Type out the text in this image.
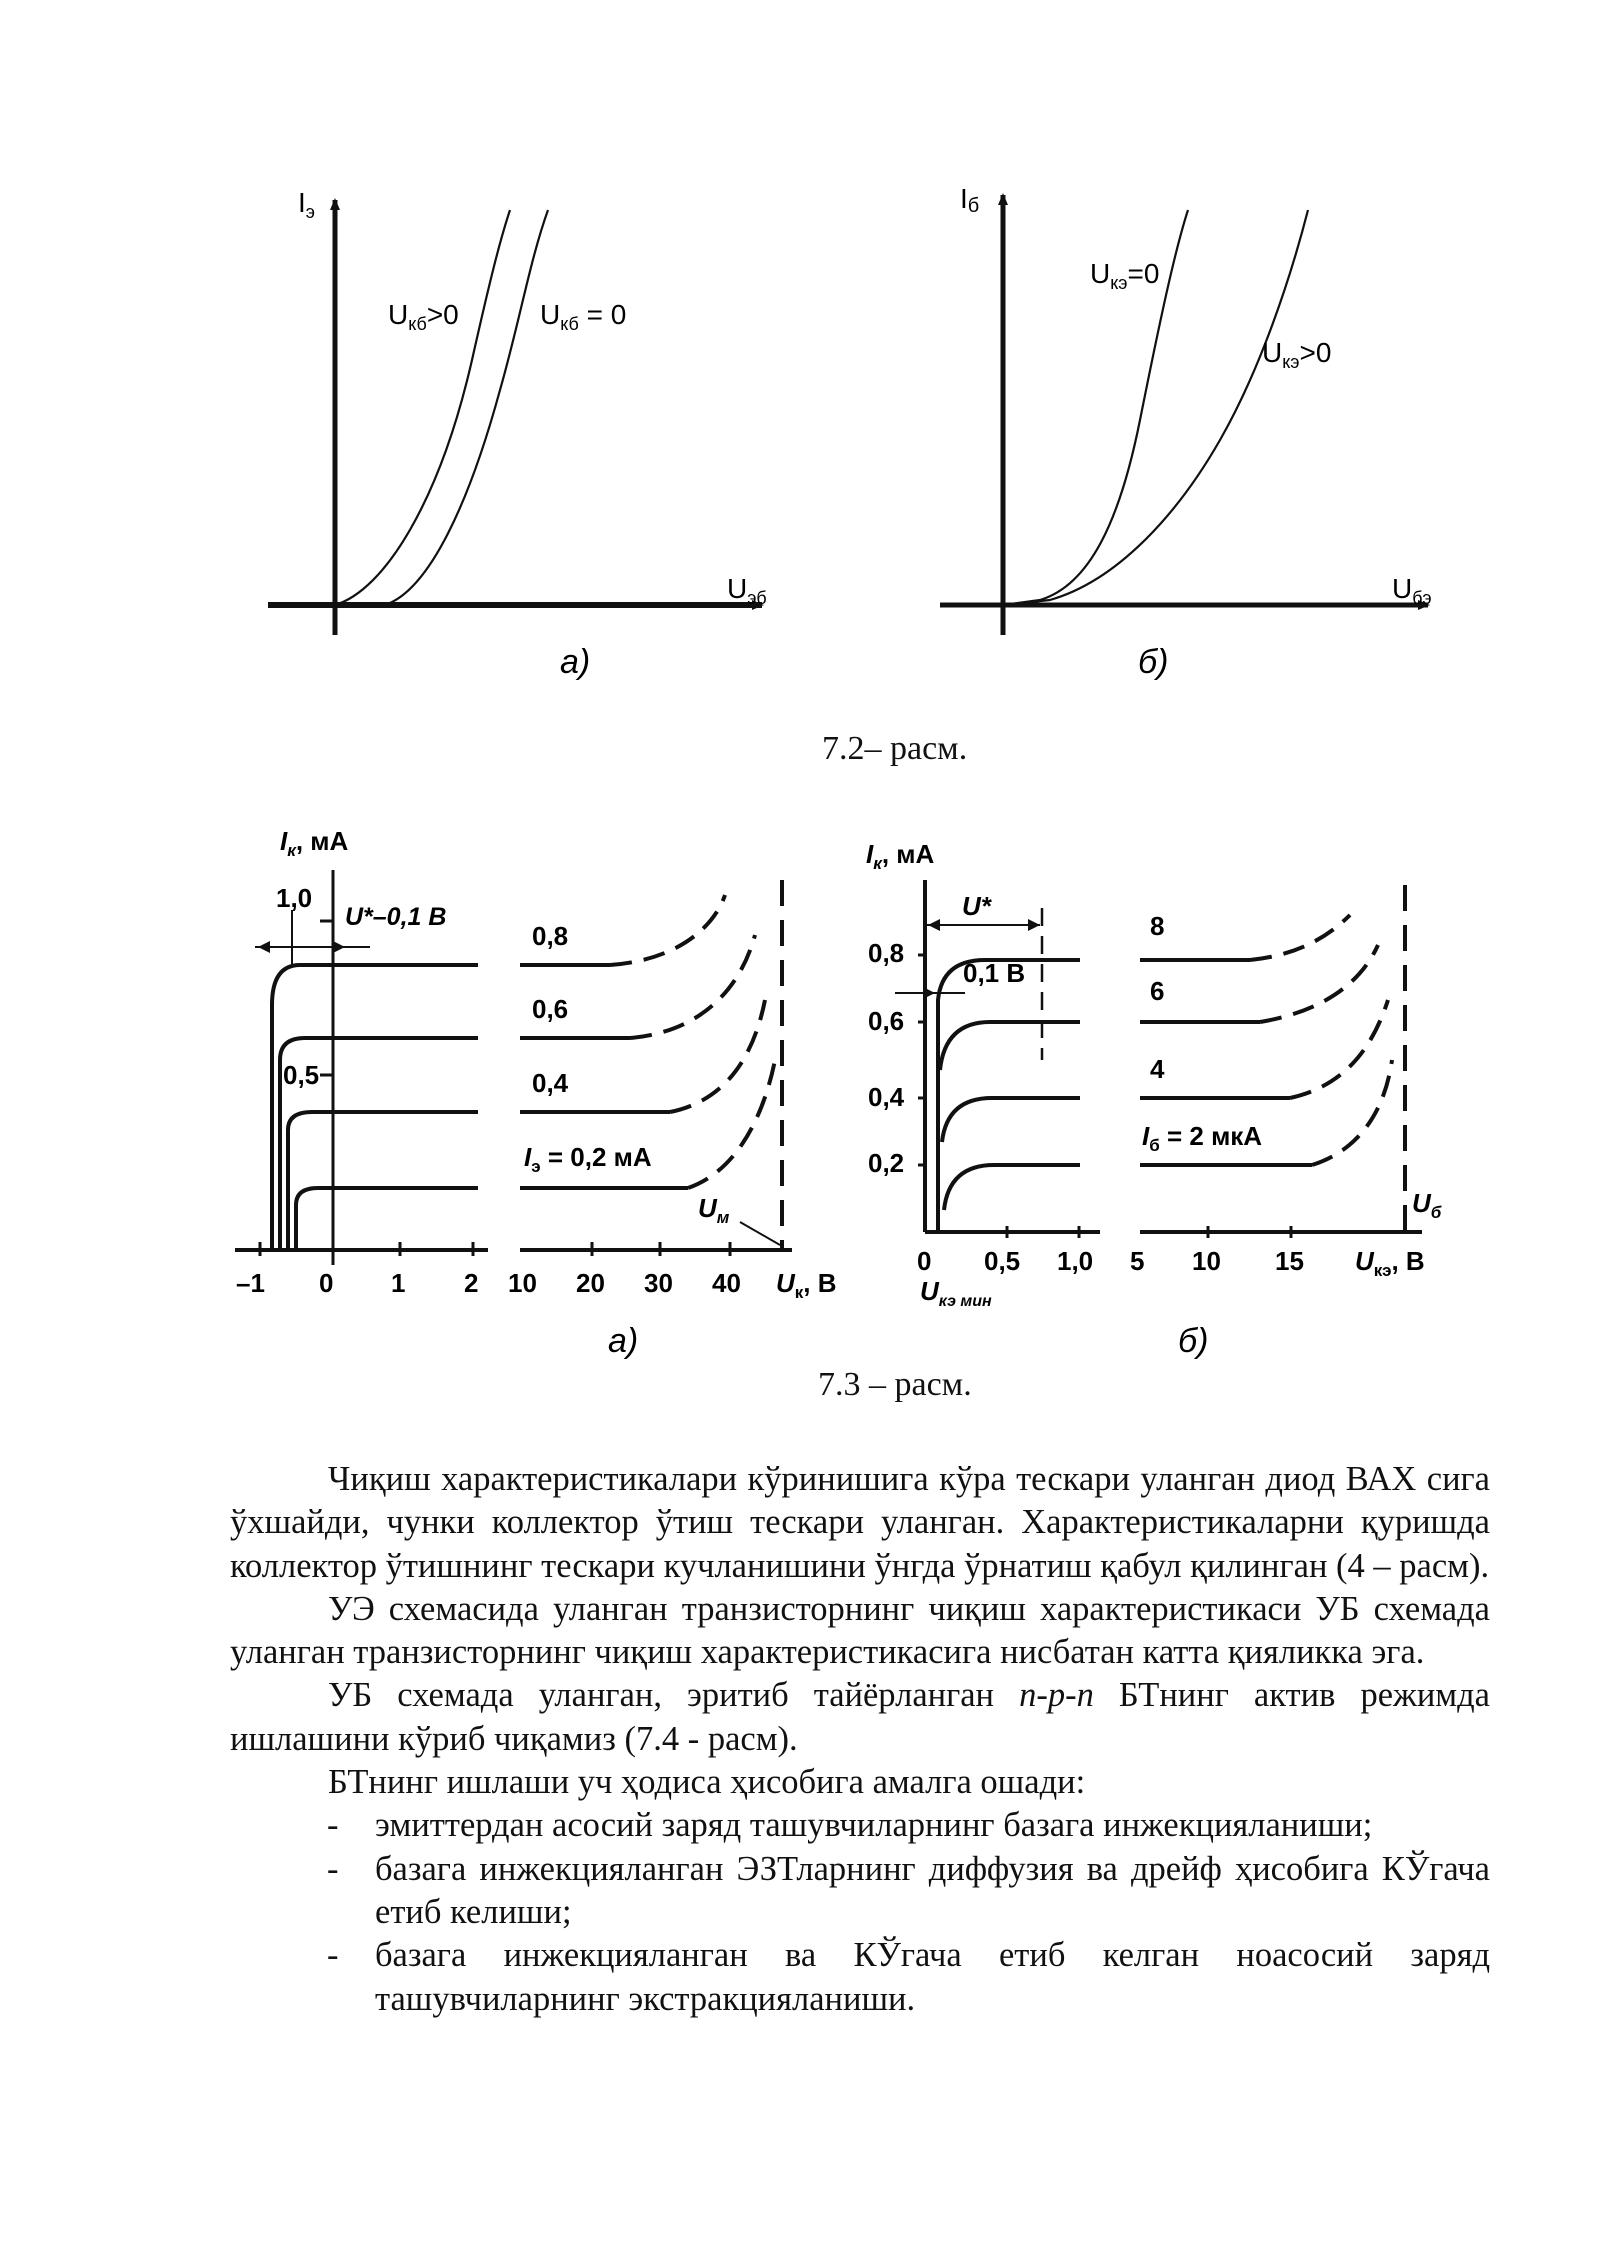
$I_э$
$U_{эб}$
$U_{кб}>0$	$U_{кб} = 0$
а)
Iб
$U_{бэ}$
$U_{кэ}=0$
$U_{кэ}>0$
б)
$I_к$, мА
1,0
0,5
U*–0,1 В
0,8
0,6
0,4
$I_э = 0,2$ мА
$U_м$
–1 0 1 2 10 20 30 40 $U_к$, В
а)
$I_к$, мА
0,8
0,6
0,4
0,2
U*
0,1 В
8
6
4
$I_б = 2$ мкА
$U_б$
0 0,5 1,0 5 10 15 $U_{кэ}$, В
$U_{кэ мин}$
б)
7.2– расм.
7.3 – расм.

Чиқиш характеристикалари кўринишига кўра тескари уланган диод ВАХ сига ўхшайди, чунки коллектор ўтиш тескари уланган. Характеристикаларни қуришда коллектор ўтишнинг тескари кучланишини ўнгда ўрнатиш қабул қилинган (4 – расм).

УЭ схемасида уланган транзисторнинг чиқиш характеристикаси УБ схемада уланган транзисторнинг чиқиш характеристикасига нисбатан катта қияликка эга.

УБ схемада уланган, эритиб тайёрланган n-p-n БТнинг актив режимда ишлашини кўриб чиқамиз (7.4 - расм).

БТнинг ишлаши уч ҳодиса ҳисобига амалга ошади:

- эмиттердан асосий заряд ташувчиларнинг базага инжекцияланиши;
- базага инжекцияланган ЭЗТларнинг диффузия ва дрейф ҳисобига КЎгача етиб келиши;
- базага инжекцияланган ва КЎгача етиб келган ноасосий заряд ташувчиларнинг экстракцияланиши.
